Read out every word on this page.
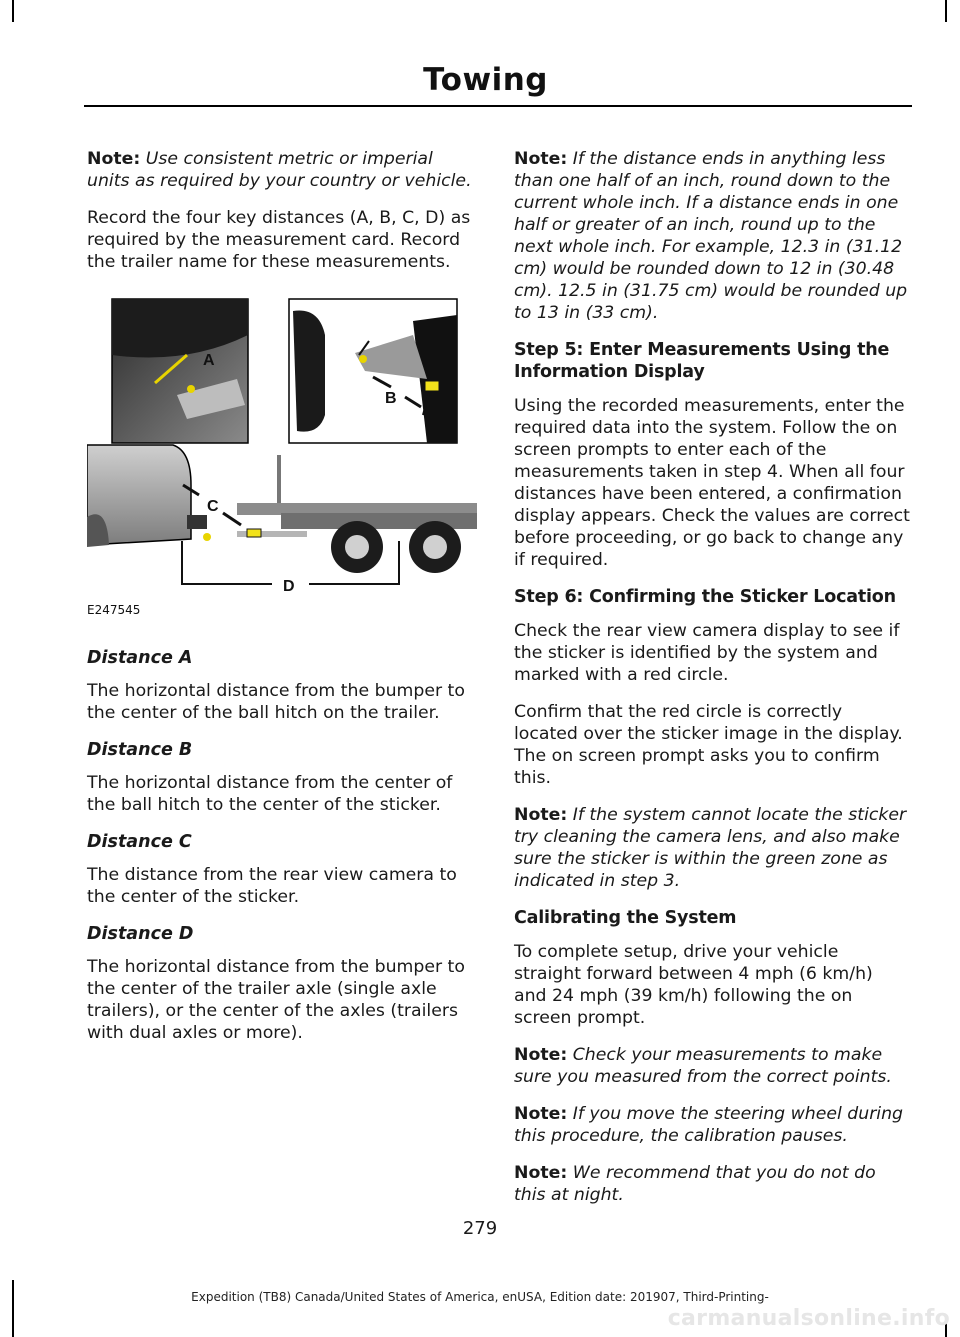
Towing

Note: Use consistent metric or imperial units as required by your country or vehicle.

Record the four key distances (A, B, C, D) as required by the measurement card. Record the trailer name for these measurements.

A
B
C
D
E247545
Distance A

The horizontal distance from the bumper to the center of the ball hitch on the trailer.

Distance B

The horizontal distance from the center of the ball hitch to the center of the sticker.

Distance C

The distance from the rear view camera to the center of the sticker.

Distance D

The horizontal distance from the bumper to the center of the trailer axle (single axle trailers), or the center of the axles (trailers with dual axles or more).

Note: If the distance ends in anything less than one half of an inch, round down to the current whole inch. If a distance ends in one half or greater of an inch, round up to the next whole inch. For example, 12.3 in (31.12 cm) would be rounded down to 12 in (30.48 cm). 12.5 in (31.75 cm) would be rounded up to 13 in (33 cm).

Step 5: Enter Measurements Using the Information Display

Using the recorded measurements, enter the required data into the system. Follow the on screen prompts to enter each of the measurements taken in step 4. When all four distances have been entered, a confirmation display appears. Check the values are correct before proceeding, or go back to change any if required.

Step 6: Confirming the Sticker Location

Check the rear view camera display to see if the sticker is identified by the system and marked with a red circle.

Confirm that the red circle is correctly located over the sticker image in the display. The on screen prompt asks you to confirm this.

Note: If the system cannot locate the sticker try cleaning the camera lens, and also make sure the sticker is within the green zone as indicated in step 3.

Calibrating the System

To complete setup, drive your vehicle straight forward between 4 mph (6 km/h) and 24 mph (39 km/h) following the on screen prompt.

Note: Check your measurements to make sure you measured from the correct points.

Note: If you move the steering wheel during this procedure, the calibration pauses.

Note: We recommend that you do not do this at night.

279
Expedition (TB8) Canada/United States of America, enUSA, Edition date: 201907, Third-Printing-
carmanualsonline.info
